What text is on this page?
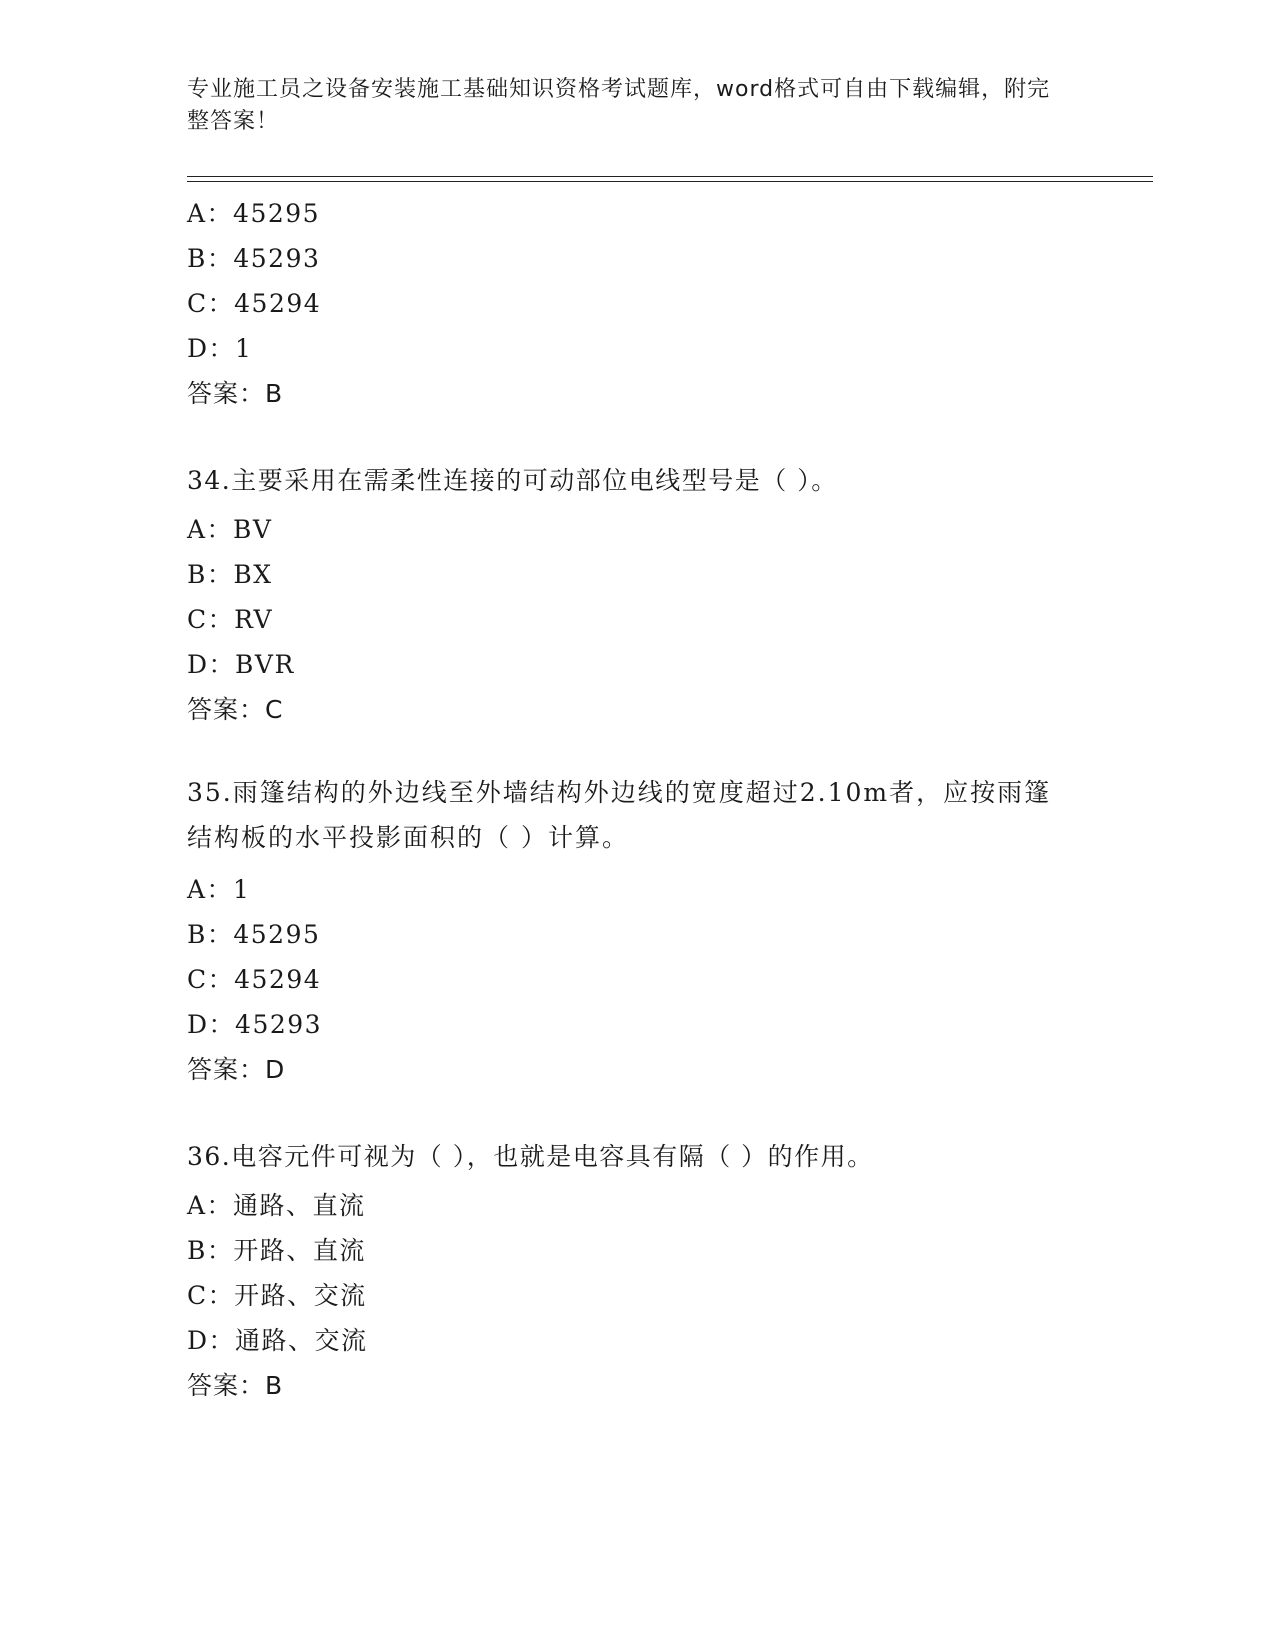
专业施工员之设备安装施工基础知识资格考试题库，word格式可自由下载编辑，附完整答案！
A：45295
B：45293
C：45294
D：1
答案：B
34.主要采用在需柔性连接的可动部位电线型号是（ ）。
A：BV
B：BX
C：RV
D：BVR
答案：C
35.雨篷结构的外边线至外墙结构外边线的宽度超过2.10m者，应按雨篷结构板的水平投影面积的（ ）计算。
A：1
B：45295
C：45294
D：45293
答案：D
36.电容元件可视为（ ），也就是电容具有隔（ ）的作用。
A：通路、直流
B：开路、直流
C：开路、交流
D：通路、交流
答案：B
